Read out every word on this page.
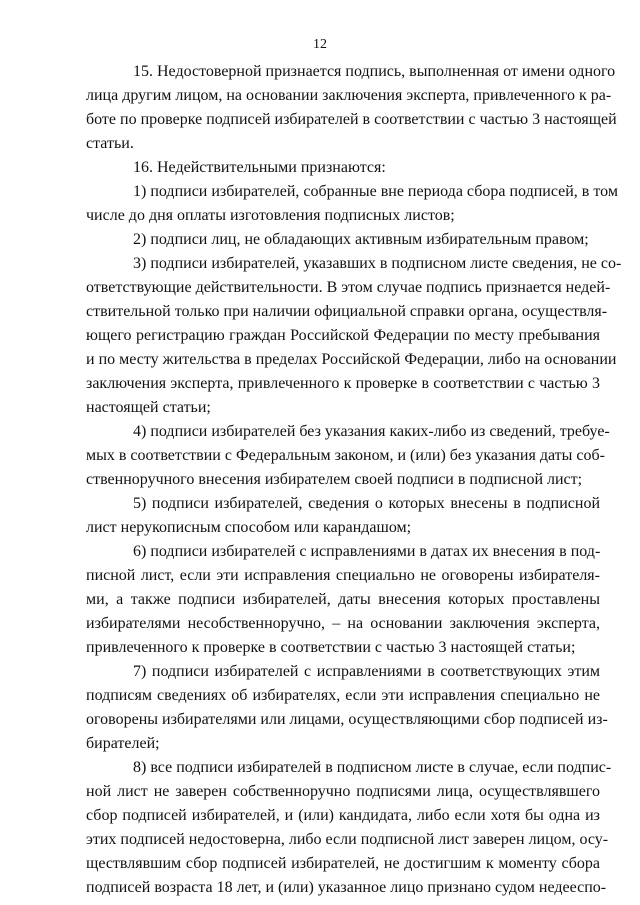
12

15. Недостоверной признается подпись, выполненная от имени одного
лица другим лицом, на основании заключения эксперта, привлеченного к ра-
боте по проверке подписей избирателей в соответствии с частью 3 настоящей
статьи.

16. Недействительными признаются:

1) подписи избирателей, собранные вне периода сбора подписей, в том
числе до дня оплаты изготовления подписных листов;

2) подписи лиц, не обладающих активным избирательным правом;

3) подписи избирателей, указавших в подписном листе сведения, не со-
ответствующие действительности. В этом случае подпись признается недей-
ствительной только при наличии официальной справки органа, осуществля-
ющего регистрацию граждан Российской Федерации по месту пребывания
и по месту жительства в пределах Российской Федерации, либо на основании
заключения эксперта, привлеченного к проверке в соответствии с частью 3
настоящей статьи;

4) подписи избирателей без указания каких-либо из сведений, требуе-
мых в соответствии с Федеральным законом, и (или) без указания даты соб-
ственноручного внесения избирателем своей подписи в подписной лист;

5) подписи избирателей, сведения о которых внесены в подписной
лист нерукописным способом или карандашом;

6) подписи избирателей с исправлениями в датах их внесения в под-
писной лист, если эти исправления специально не оговорены избирателя-
ми, а также подписи избирателей, даты внесения которых проставлены
избирателями несобственноручно, – на основании заключения эксперта,
привлеченного к проверке в соответствии с частью 3 настоящей статьи;

7) подписи избирателей с исправлениями в соответствующих этим
подписям сведениях об избирателях, если эти исправления специально не
оговорены избирателями или лицами, осуществляющими сбор подписей из-
бирателей;

8) все подписи избирателей в подписном листе в случае, если подпис-
ной лист не заверен собственноручно подписями лица, осуществлявшего
сбор подписей избирателей, и (или) кандидата, либо если хотя бы одна из
этих подписей недостоверна, либо если подписной лист заверен лицом, осу-
ществлявшим сбор подписей избирателей, не достигшим к моменту сбора
подписей возраста 18 лет, и (или) указанное лицо признано судом недееспо-
